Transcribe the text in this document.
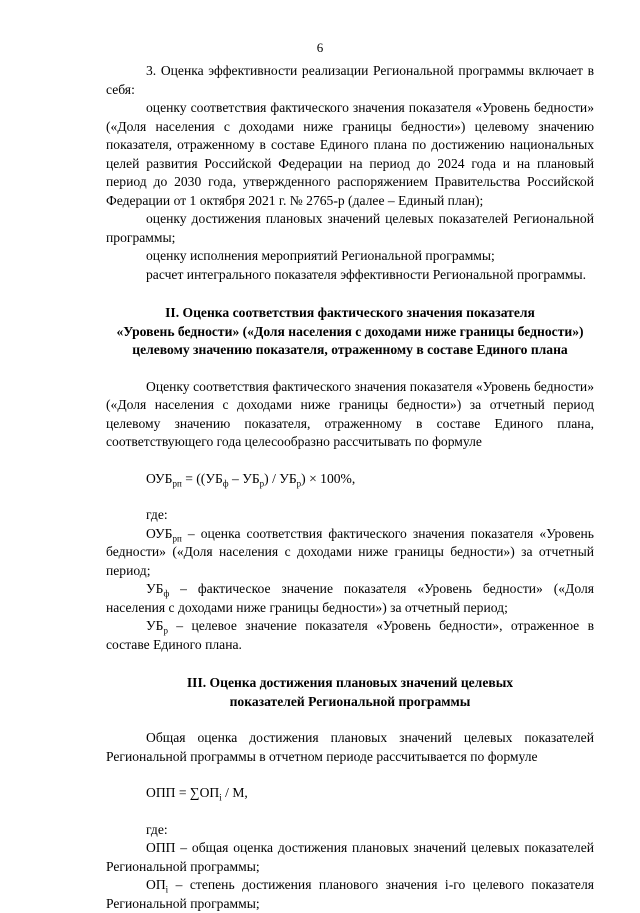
6

3. Оценка эффективности реализации Региональной программы включает в себя:

оценку соответствия фактического значения показателя «Уровень бедности» («Доля населения с доходами ниже границы бедности») целевому значению показателя, отраженному в составе Единого плана по достижению национальных целей развития Российской Федерации на период до 2024 года и на плановый период до 2030 года, утвержденного распоряжением Правительства Российской Федерации от 1 октября 2021 г. № 2765-р (далее – Единый план);

оценку достижения плановых значений целевых показателей Региональной программы;

оценку исполнения мероприятий Региональной программы;

расчет интегрального показателя эффективности Региональной программы.

II. Оценка соответствия фактического значения показателя

«Уровень бедности» («Доля населения с доходами ниже границы бедности»)

целевому значению показателя, отраженному в составе Единого плана

Оценку соответствия фактического значения показателя «Уровень бедности» («Доля населения с доходами ниже границы бедности») за отчетный период целевому значению показателя, отраженному в составе Единого плана, соответствующего года целесообразно рассчитывать по формуле

$ОУБ_{рп} = ((УБ_ф - УБ_р) / УБ_р) \times 100\%$,

где:

$ОУБ_{рп}$ – оценка соответствия фактического значения показателя «Уровень бедности» («Доля населения с доходами ниже границы бедности») за отчетный период;

$УБ_ф$ – фактическое значение показателя «Уровень бедности» («Доля населения с доходами ниже границы бедности») за отчетный период;

$УБ_р$ – целевое значение показателя «Уровень бедности», отраженное в составе Единого плана.

III. Оценка достижения плановых значений целевых

показателей Региональной программы

Общая оценка достижения плановых значений целевых показателей Региональной программы в отчетном периоде рассчитывается по формуле

ОПП = $\sum ОП_i$ / М,

где:

ОПП – общая оценка достижения плановых значений целевых показателей Региональной программы;

$ОП_i$ – степень достижения планового значения i-го целевого показателя Региональной программы;
